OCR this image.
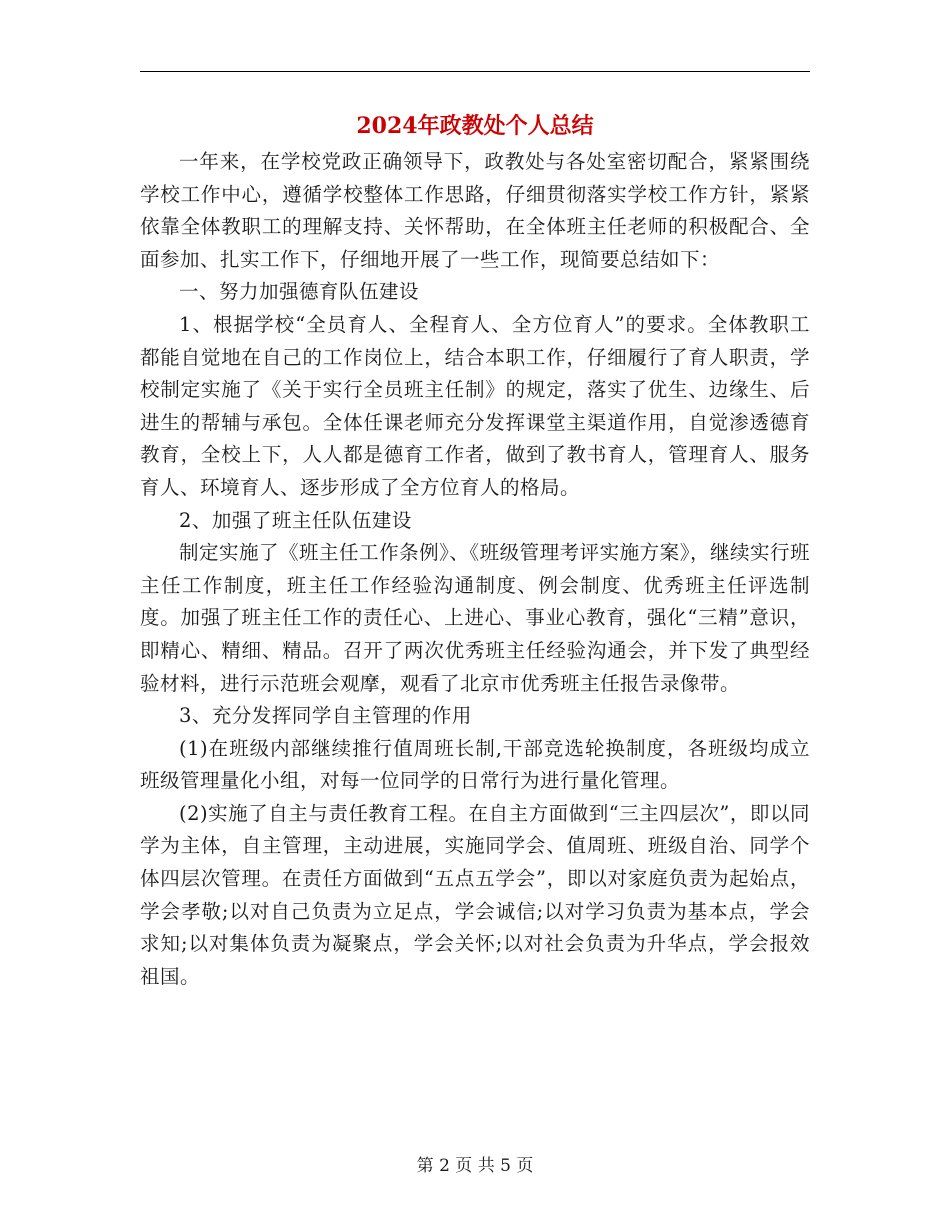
2024年政教处个人总结

一年来，在学校党政正确领导下，政教处与各处室密切配合，紧紧围绕学校工作中心，遵循学校整体工作思路，仔细贯彻落实学校工作方针，紧紧依靠全体教职工的理解支持、关怀帮助，在全体班主任老师的积极配合、全面参加、扎实工作下，仔细地开展了一些工作，现简要总结如下：

一、努力加强德育队伍建设

1、根据学校“全员育人、全程育人、全方位育人”的要求。全体教职工都能自觉地在自己的工作岗位上，结合本职工作，仔细履行了育人职责，学校制定实施了《关于实行全员班主任制》的规定，落实了优生、边缘生、后进生的帮辅与承包。全体任课老师充分发挥课堂主渠道作用，自觉渗透德育教育，全校上下，人人都是德育工作者，做到了教书育人，管理育人、服务育人、环境育人、逐步形成了全方位育人的格局。

2、加强了班主任队伍建设

制定实施了《班主任工作条例》、《班级管理考评实施方案》，继续实行班主任工作制度，班主任工作经验沟通制度、例会制度、优秀班主任评选制度。加强了班主任工作的责任心、上进心、事业心教育，强化“三精”意识，即精心、精细、精品。召开了两次优秀班主任经验沟通会，并下发了典型经验材料，进行示范班会观摩，观看了北京市优秀班主任报告录像带。

3、充分发挥同学自主管理的作用

(1)在班级内部继续推行值周班长制,干部竞选轮换制度，各班级均成立班级管理量化小组，对每一位同学的日常行为进行量化管理。

(2)实施了自主与责任教育工程。在自主方面做到“三主四层次”，即以同学为主体，自主管理，主动进展，实施同学会、值周班、班级自治、同学个体四层次管理。在责任方面做到“五点五学会”，即以对家庭负责为起始点，学会孝敬;以对自己负责为立足点，学会诚信;以对学习负责为基本点，学会求知;以对集体负责为凝聚点，学会关怀;以对社会负责为升华点，学会报效祖国。

第 2 页 共 5 页
